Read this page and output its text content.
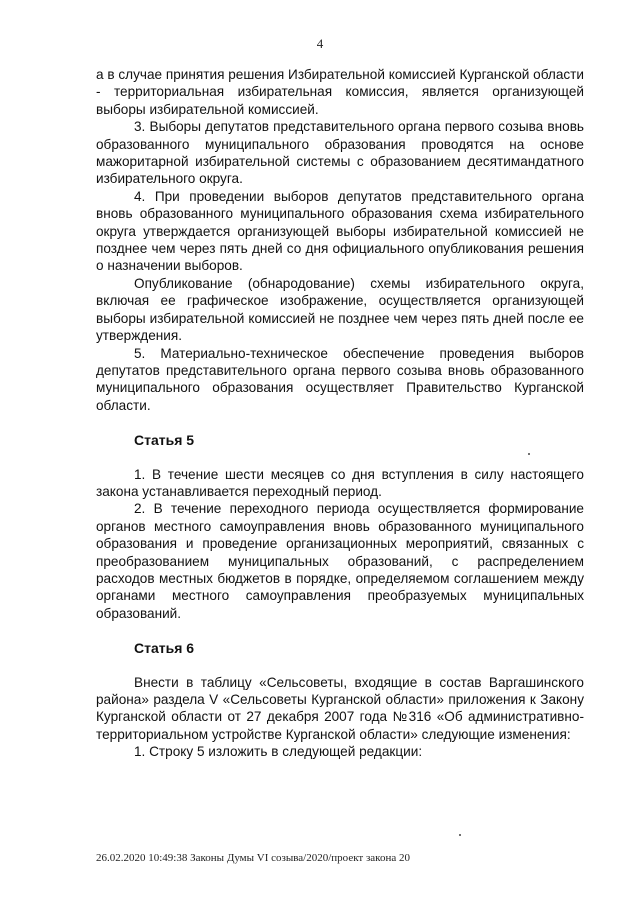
4

а в случае принятия решения Избирательной комиссией Курганской области - территориальная избирательная комиссия, является организующей выборы избирательной комиссией.

3. Выборы депутатов представительного органа первого созыва вновь образованного муниципального образования проводятся на основе мажоритарной избирательной системы с образованием десятимандатного избирательного округа.

4. При проведении выборов депутатов представительного органа вновь образованного муниципального образования схема избирательного округа утверждается организующей выборы избирательной комиссией не позднее чем через пять дней со дня официального опубликования решения о назначении выборов.

Опубликование (обнародование) схемы избирательного округа, включая ее графическое изображение, осуществляется организующей выборы избирательной комиссией не позднее чем через пять дней после ее утверждения.

5. Материально-техническое обеспечение проведения выборов депутатов представительного органа первого созыва вновь образованного муниципального образования осуществляет Правительство Курганской области.

Статья 5

1. В течение шести месяцев со дня вступления в силу настоящего закона устанавливается переходный период.

2. В течение переходного периода осуществляется формирование органов местного самоуправления вновь образованного муниципального образования и проведение организационных мероприятий, связанных с преобразованием муниципальных образований, с распределением расходов местных бюджетов в порядке, определяемом соглашением между органами местного самоуправления преобразуемых муниципальных образований.

Статья 6

Внести в таблицу «Сельсоветы, входящие в состав Варгашинского района» раздела V «Сельсоветы Курганской области» приложения к Закону Курганской области от 27 декабря 2007 года №316 «Об административно-территориальном устройстве Курганской области» следующие изменения:

1. Строку 5 изложить в следующей редакции:

26.02.2020 10:49:38 Законы Думы VI созыва/2020/проект закона 20
